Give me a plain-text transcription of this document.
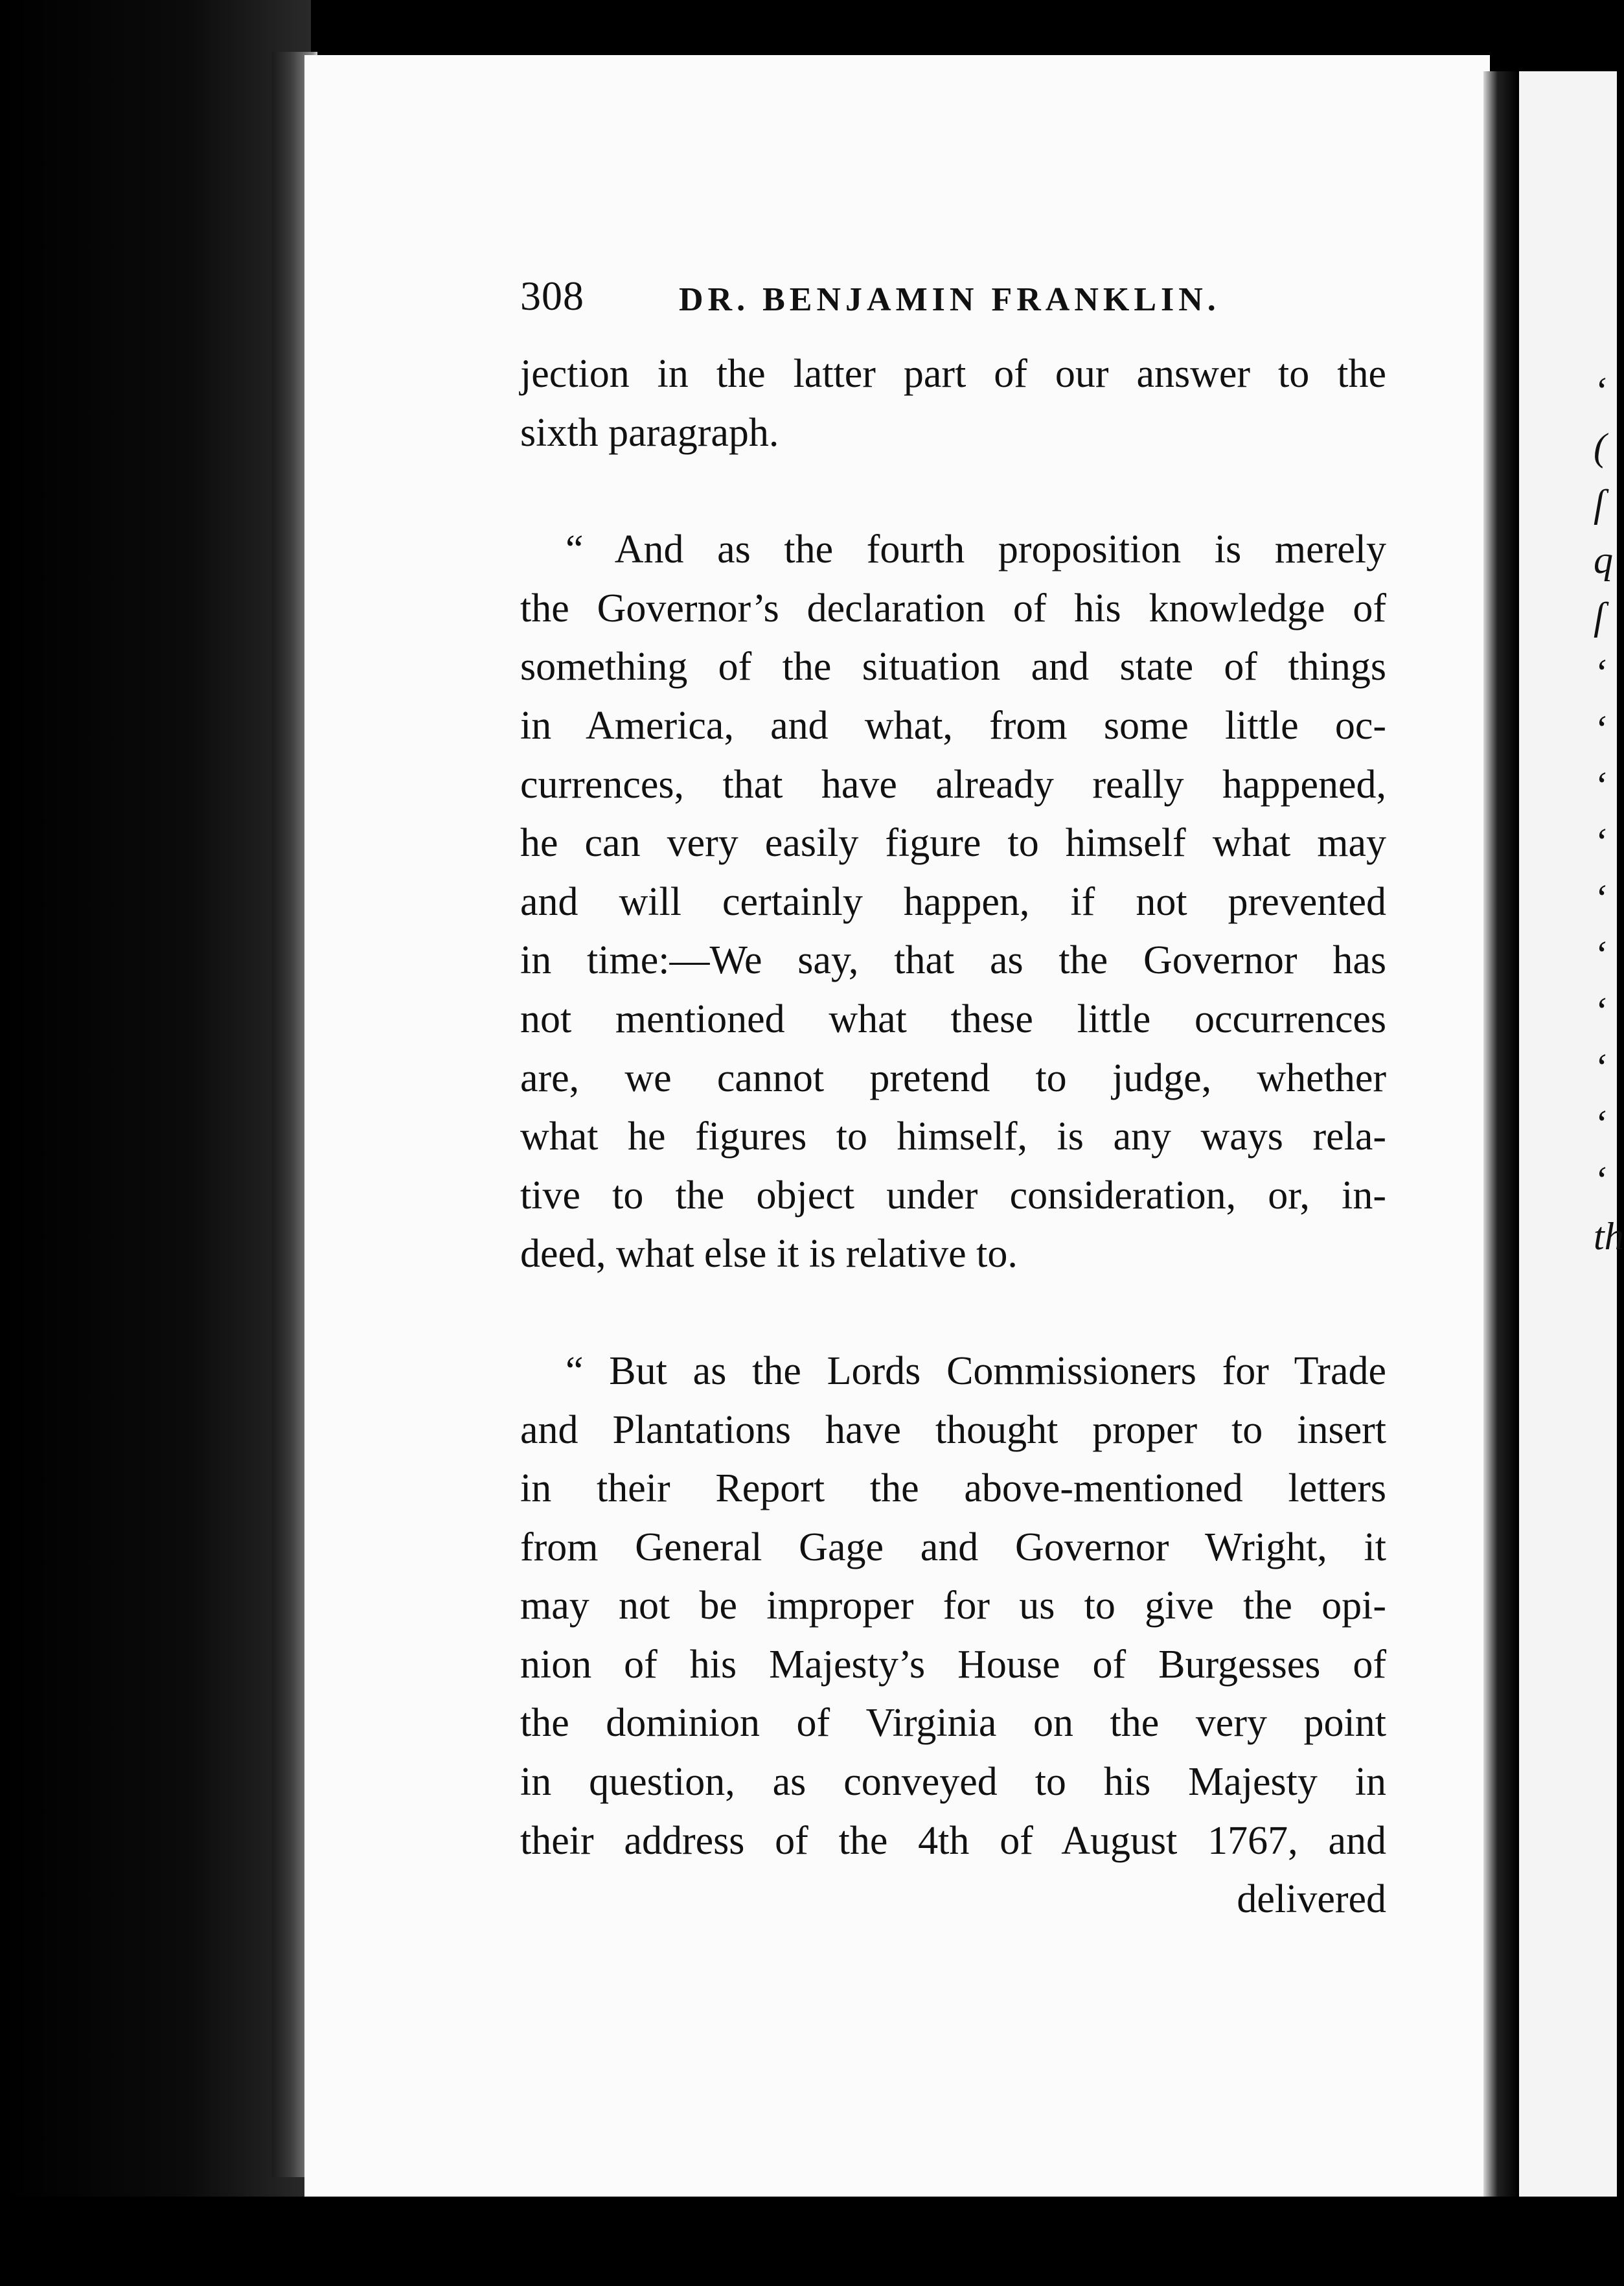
‘
(
ſ
q
ſ
‘
‘
‘
‘
‘
‘
‘
‘
‘
‘
th
308	DR. BENJAMIN FRANKLIN.
jection in the latter part of our answer to the
sixth paragraph.
“ And as the fourth proposition is merely
the Governor’s declaration of his knowledge of
something of the situation and state of things
in America, and what, from some little oc-
currences, that have already really happened,
he can very easily figure to himself what may
and will certainly happen, if not prevented
in time:—We say, that as the Governor has
not mentioned what these little occurrences
are, we cannot pretend to judge, whether
what he figures to himself, is any ways rela-
tive to the object under consideration, or, in-
deed, what else it is relative to.
“ But as the Lords Commissioners for Trade
and Plantations have thought proper to insert
in their Report the above-mentioned letters
from General Gage and Governor Wright, it
may not be improper for us to give the opi-
nion of his Majesty’s House of Burgesses of
the dominion of Virginia on the very point
in question, as conveyed to his Majesty in
their address of the 4th of August 1767, and
delivered
